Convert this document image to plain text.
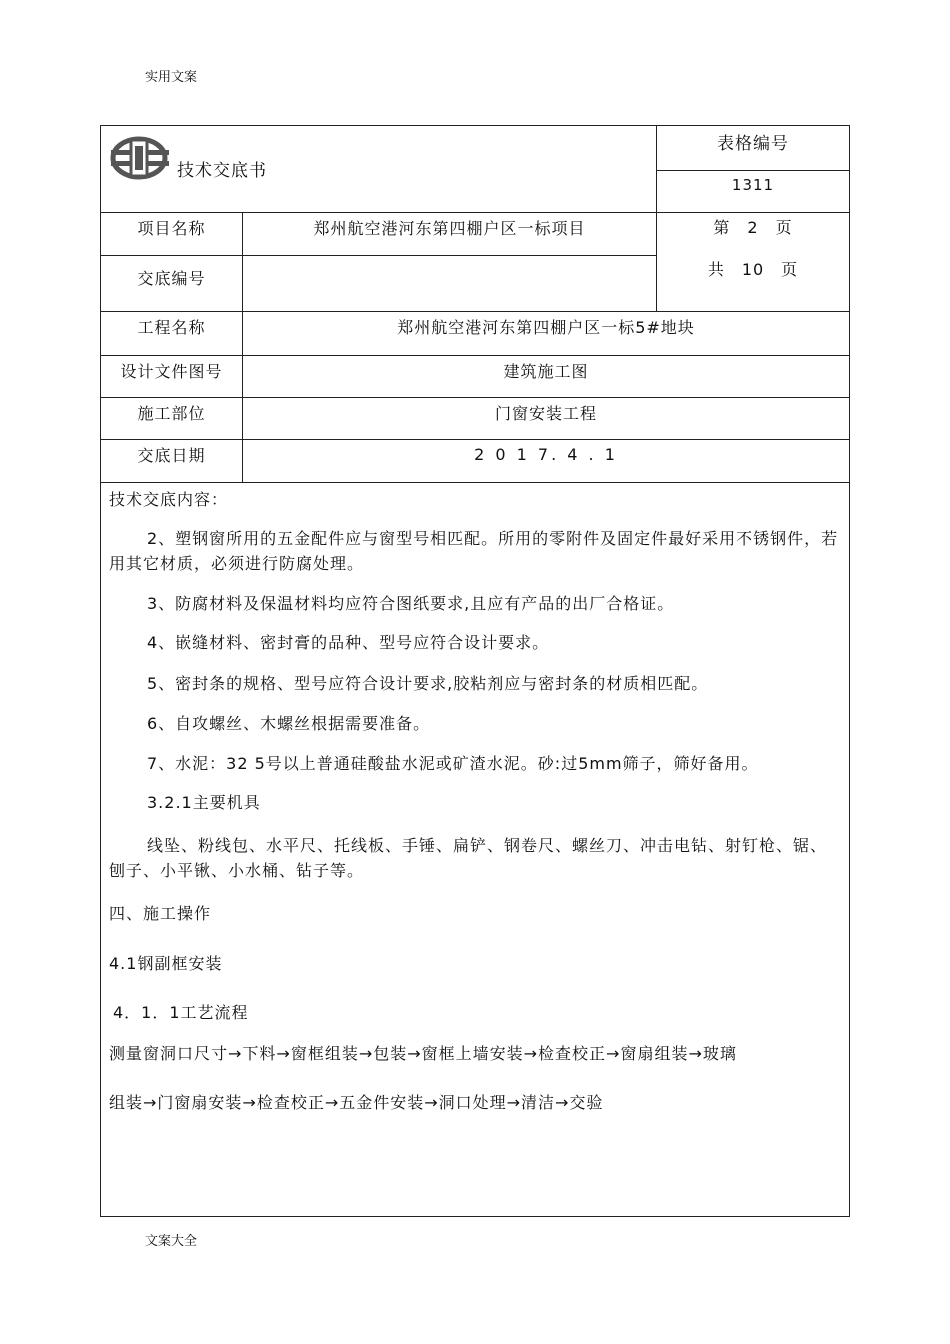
实用文案
技术交底书
表格编号
1311
第　2　页
共　10　页
项目名称	郑州航空港河东第四棚户区一标项目
交底编号
工程名称	郑州航空港河东第四棚户区一标5#地块
设计文件图号	建筑施工图
施工部位	门窗安装工程
交底日期	2 0 1 7. 4 . 1

技术交底内容：

2、塑钢窗所用的五金配件应与窗型号相匹配。所用的零附件及固定件最好采用不锈钢件，若用其它材质，必须进行防腐处理。

3、防腐材料及保温材料均应符合图纸要求,且应有产品的出厂合格证。

4、嵌缝材料、密封膏的品种、型号应符合设计要求。

5、密封条的规格、型号应符合设计要求,胶粘剂应与密封条的材质相匹配。

6、自攻螺丝、木螺丝根据需要准备。

7、水泥：32 5号以上普通硅酸盐水泥或矿渣水泥。砂:过5mm筛子，筛好备用。

3.2.1主要机具

线坠、粉线包、水平尺、托线板、手锤、扁铲、钢卷尺、螺丝刀、冲击电钻、射钉枪、锯、刨子、小平锹、小水桶、钻子等。

四、施工操作

4.1钢副框安装

4．1．1工艺流程

测量窗洞口尺寸→下料→窗框组装→包装→窗框上墙安装→检查校正→窗扇组装→玻璃

组装→门窗扇安装→检查校正→五金件安装→洞口处理→清洁→交验

文案大全
